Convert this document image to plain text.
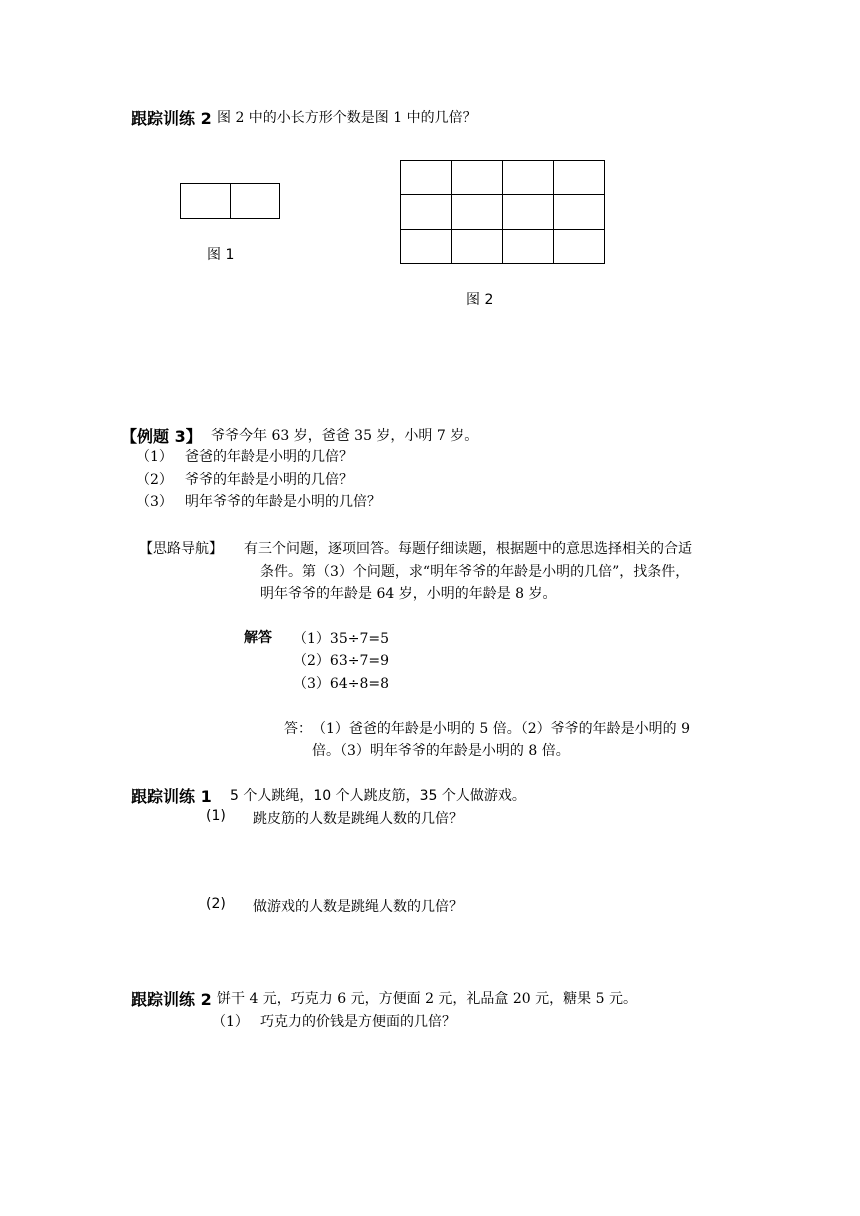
跟踪训练 2 图 2 中的小长方形个数是图 1 中的几倍？

图 1

图 2
【例题 3】 爷爷今年 63 岁，爸爸 35 岁，小明 7 岁。
（1） 爸爸的年龄是小明的几倍？
（2） 爷爷的年龄是小明的几倍？
（3） 明年爷爷的年龄是小明的几倍？
【思路导航】 有三个问题，逐项回答。每题仔细读题，根据题中的意思选择相关的合适
条件。第（3）个问题，求“明年爷爷的年龄是小明的几倍”，找条件，
明年爷爷的年龄是 64 岁，小明的年龄是 8 岁。
解答 （1）35÷7=5
（2）63÷7=9
（3）64÷8=8
答： （1）爸爸的年龄是小明的 5 倍。（2）爷爷的年龄是小明的 9
倍。（3）明年爷爷的年龄是小明的 8 倍。
跟踪训练 1 5 个人跳绳，10 个人跳皮筋，35 个人做游戏。
(1) 跳皮筋的人数是跳绳人数的几倍？
(2) 做游戏的人数是跳绳人数的几倍？
跟踪训练 2 饼干 4 元，巧克力 6 元，方便面 2 元，礼品盒 20 元，糖果 5 元。
（1） 巧克力的价钱是方便面的几倍？
